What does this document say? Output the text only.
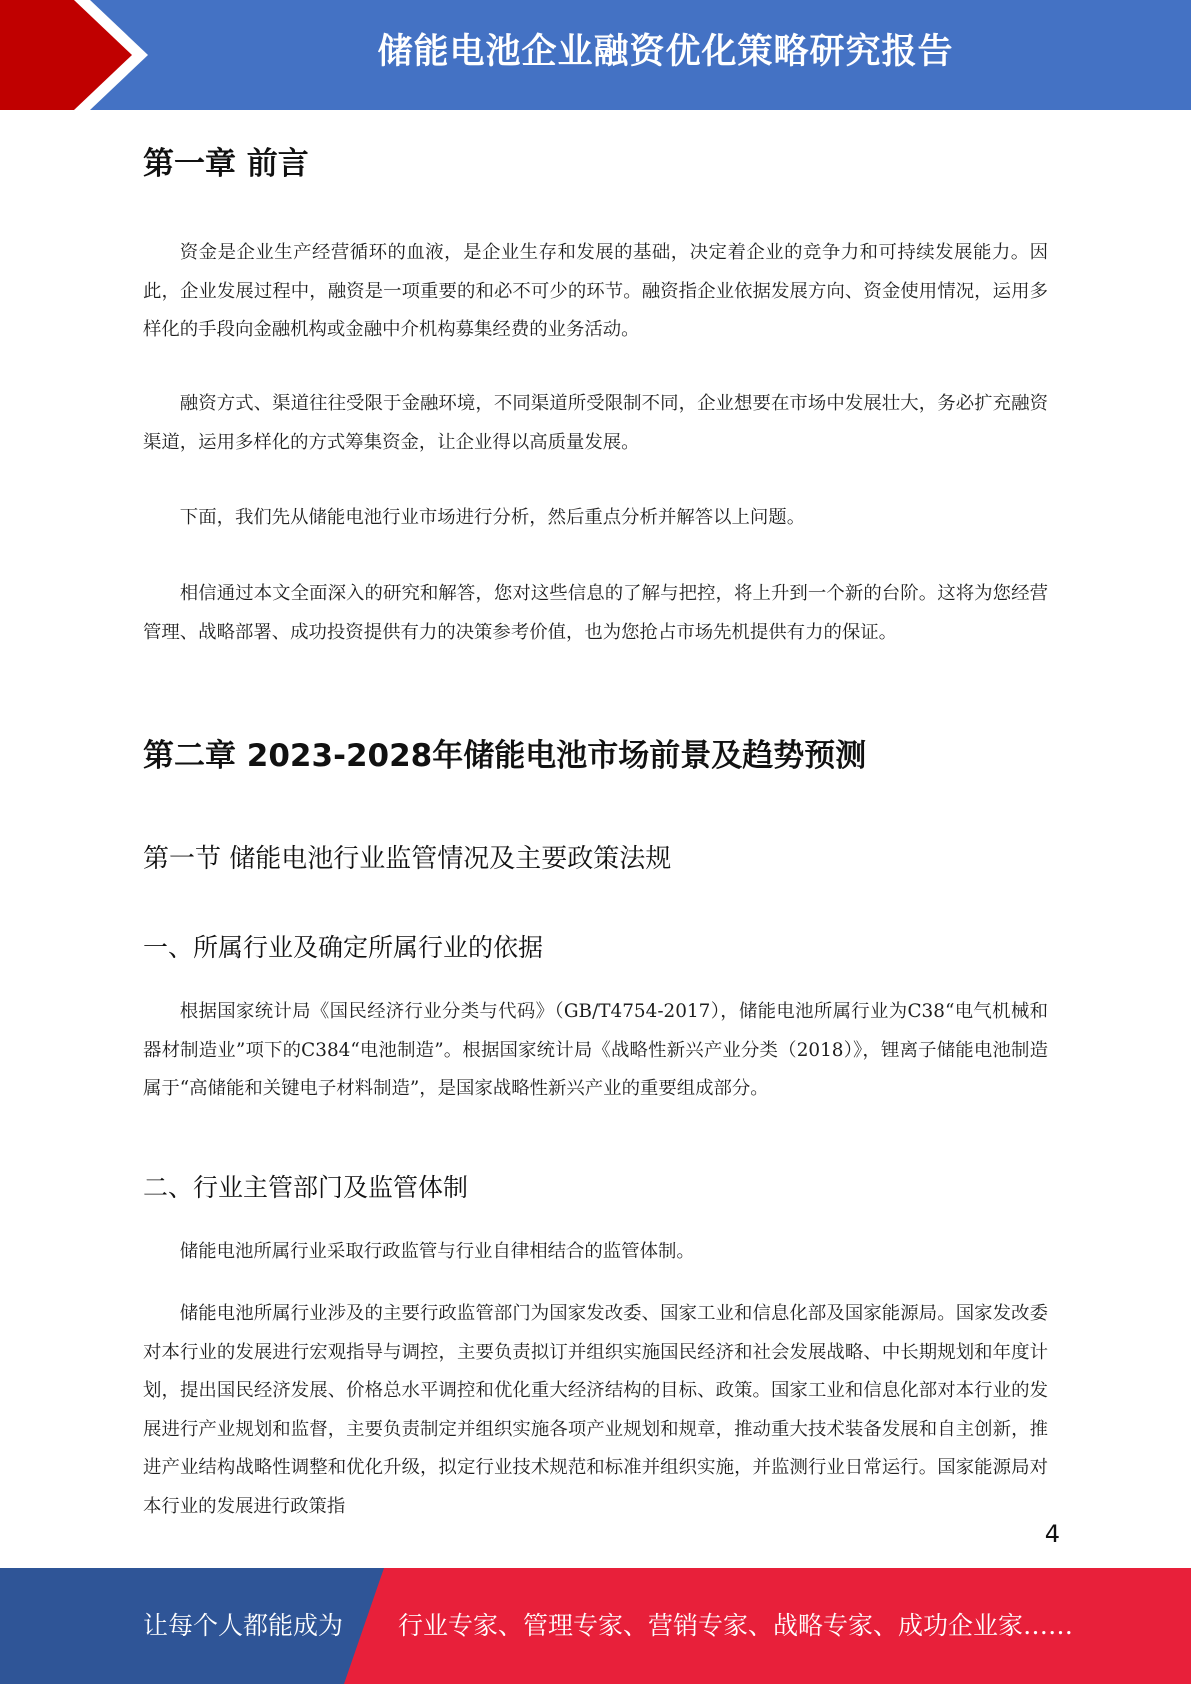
储能电池企业融资优化策略研究报告
第一章 前言

资金是企业生产经营循环的血液，是企业生存和发展的基础，决定着企业的竞争力和可持续发展能力。因此，企业发展过程中，融资是一项重要的和必不可少的环节。融资指企业依据发展方向、资金使用情况，运用多样化的手段向金融机构或金融中介机构募集经费的业务活动。

融资方式、渠道往往受限于金融环境，不同渠道所受限制不同，企业想要在市场中发展壮大，务必扩充融资渠道，运用多样化的方式筹集资金，让企业得以高质量发展。

下面，我们先从储能电池行业市场进行分析，然后重点分析并解答以上问题。

相信通过本文全面深入的研究和解答，您对这些信息的了解与把控，将上升到一个新的台阶。这将为您经营管理、战略部署、成功投资提供有力的决策参考价值，也为您抢占市场先机提供有力的保证。

第二章 2023-2028年储能电池市场前景及趋势预测
第一节 储能电池行业监管情况及主要政策法规
一、所属行业及确定所属行业的依据

根据国家统计局《国民经济行业分类与代码》（GB/T4754-2017），储能电池所属行业为C38“电气机械和器材制造业”项下的C384“电池制造”。根据国家统计局《战略性新兴产业分类（2018）》，锂离子储能电池制造属于“高储能和关键电子材料制造”，是国家战略性新兴产业的重要组成部分。

二、行业主管部门及监管体制

储能电池所属行业采取行政监管与行业自律相结合的监管体制。

储能电池所属行业涉及的主要行政监管部门为国家发改委、国家工业和信息化部及国家能源局。国家发改委对本行业的发展进行宏观指导与调控，主要负责拟订并组织实施国民经济和社会发展战略、中长期规划和年度计划，提出国民经济发展、价格总水平调控和优化重大经济结构的目标、政策。国家工业和信息化部对本行业的发展进行产业规划和监督，主要负责制定并组织实施各项产业规划和规章，推动重大技术装备发展和自主创新，推进产业结构战略性调整和优化升级，拟定行业技术规范和标准并组织实施，并监测行业日常运行。国家能源局对本行业的发展进行政策指

4
让每个人都能成为 行业专家、管理专家、营销专家、战略专家、成功企业家……
